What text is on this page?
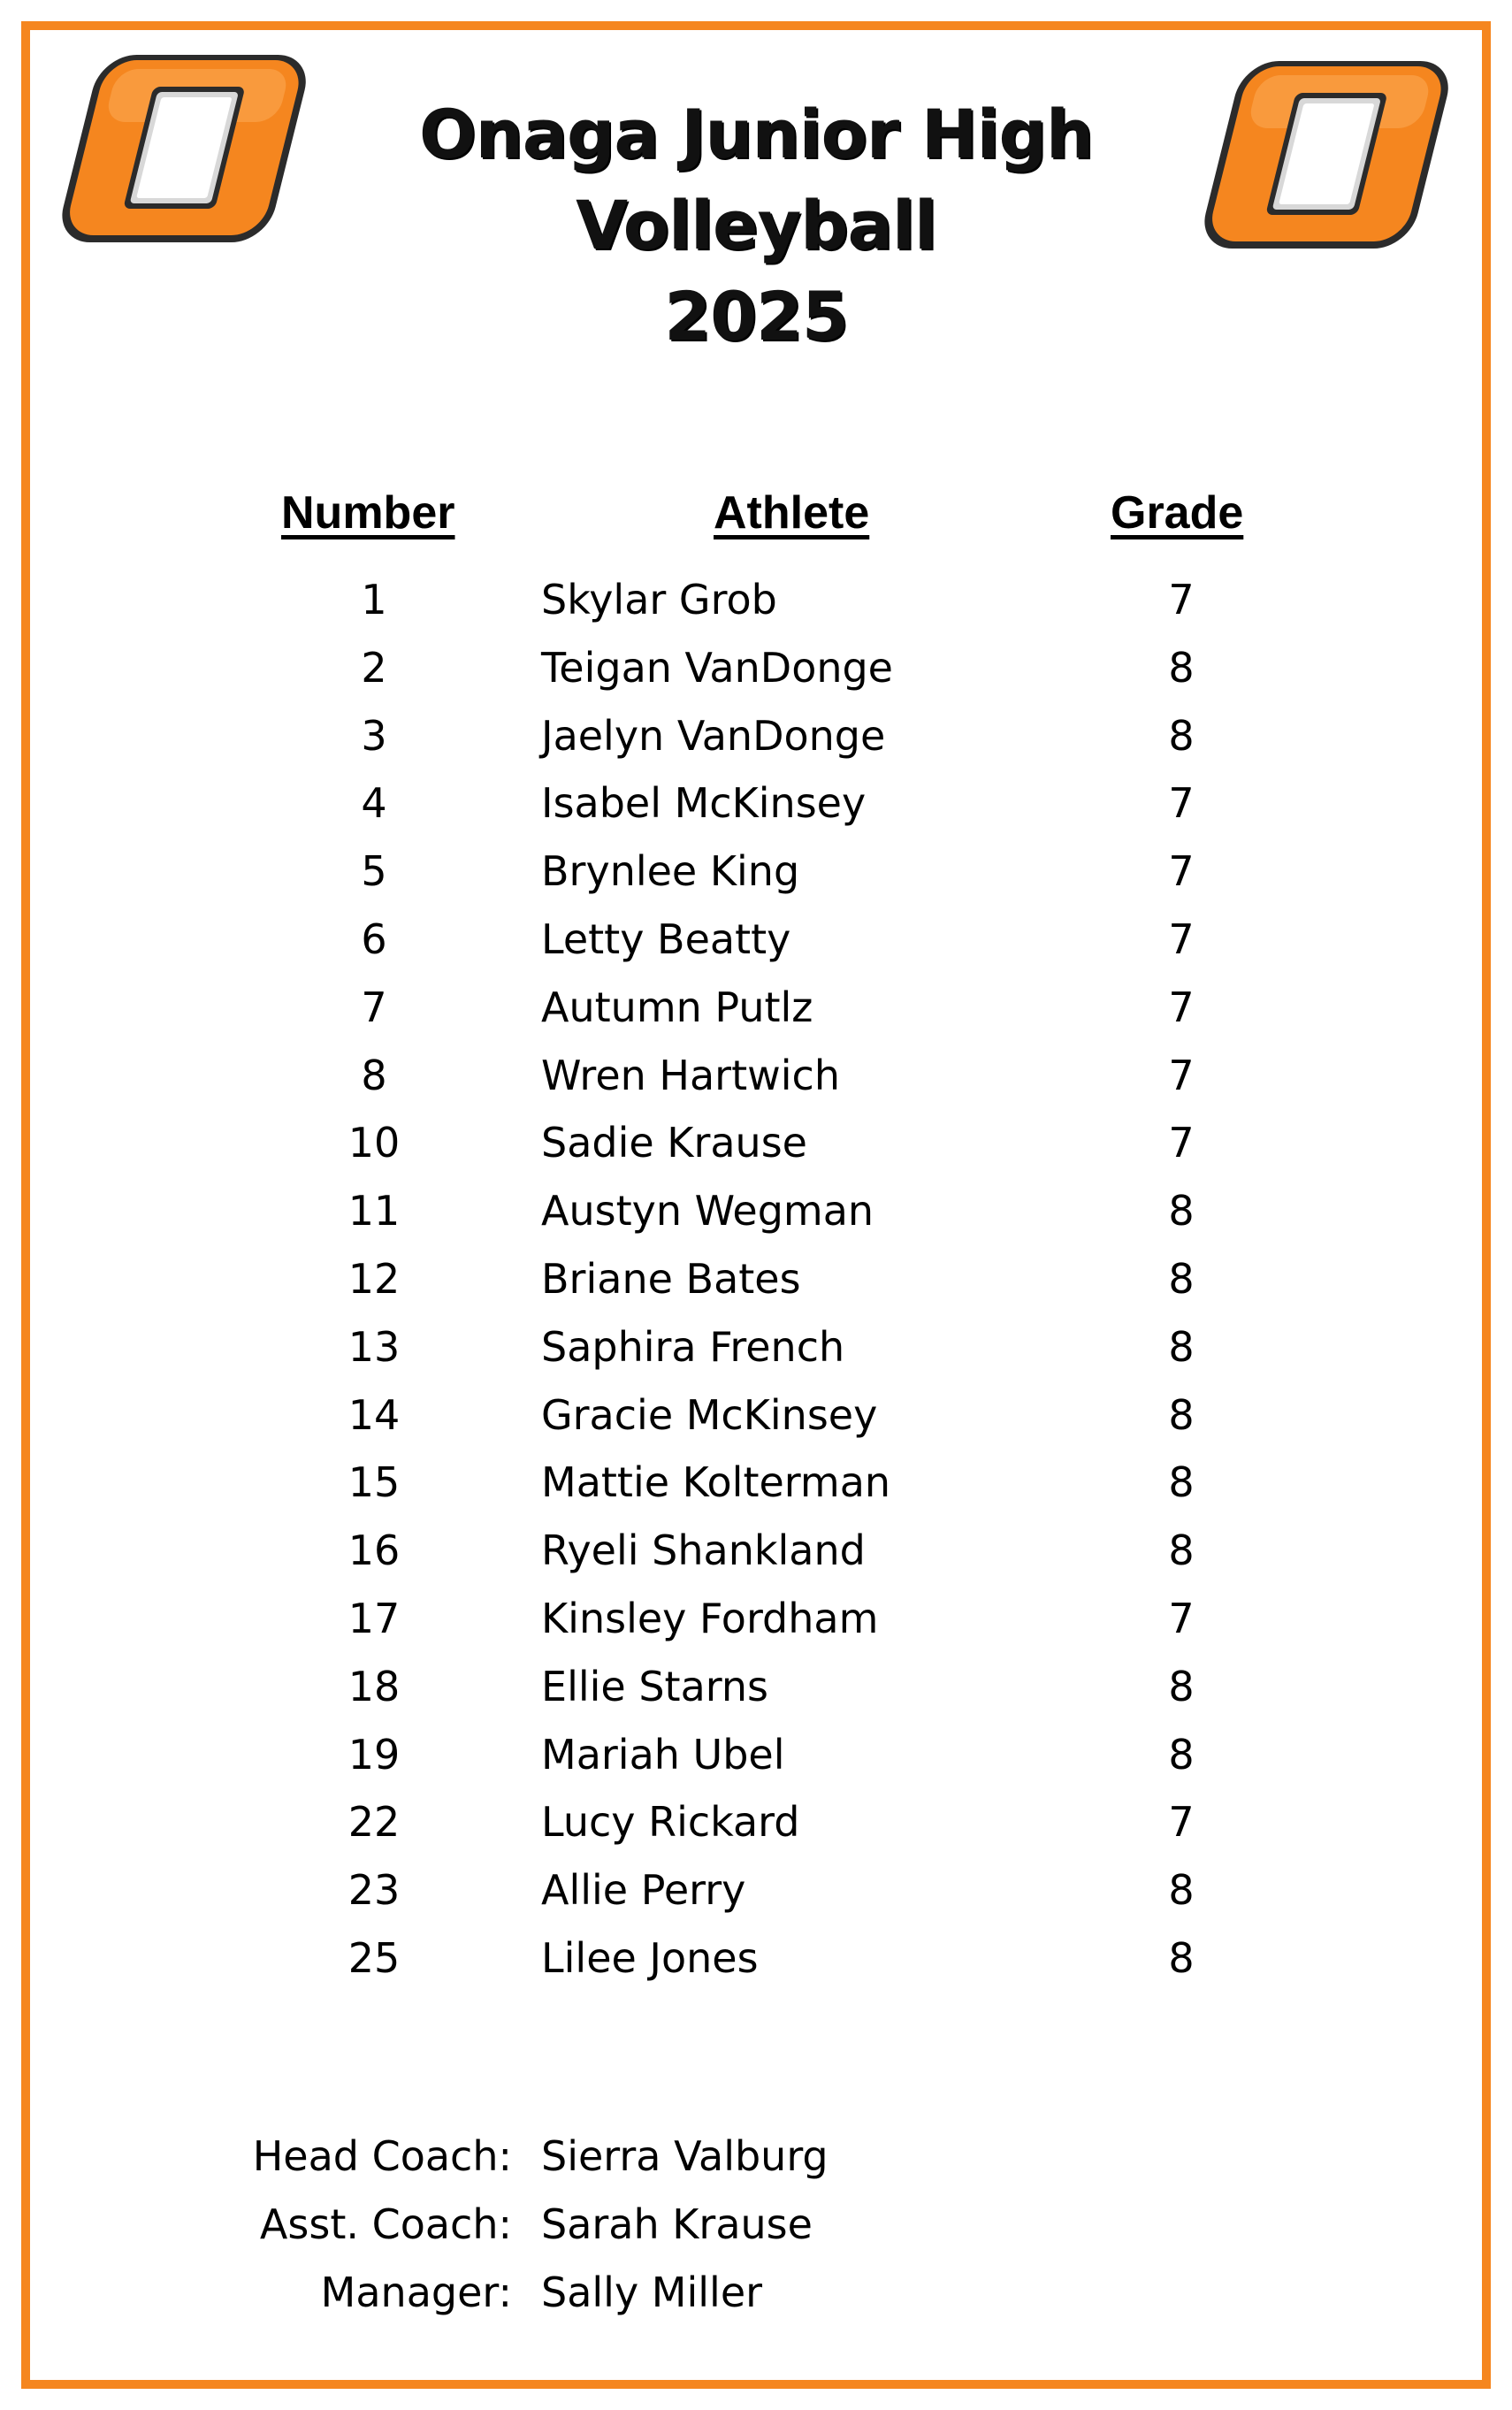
Onaga Junior High
Volleyball
2025
Number	Athlete	Grade
1	Skylar Grob	7
2	Teigan VanDonge	8
3	Jaelyn VanDonge	8
4	Isabel McKinsey	7
5	Brynlee King	7
6	Letty Beatty	7
7	Autumn Putlz	7
8	Wren Hartwich	7
10	Sadie Krause	7
11	Austyn Wegman	8
12	Briane Bates	8
13	Saphira French	8
14	Gracie McKinsey	8
15	Mattie Kolterman	8
16	Ryeli Shankland	8
17	Kinsley Fordham	7
18	Ellie Starns	8
19	Mariah Ubel	8
22	Lucy Rickard	7
23	Allie Perry	8
25	Lilee Jones	8
Head Coach: Sierra Valburg
Asst. Coach: Sarah Krause
Manager: Sally Miller
